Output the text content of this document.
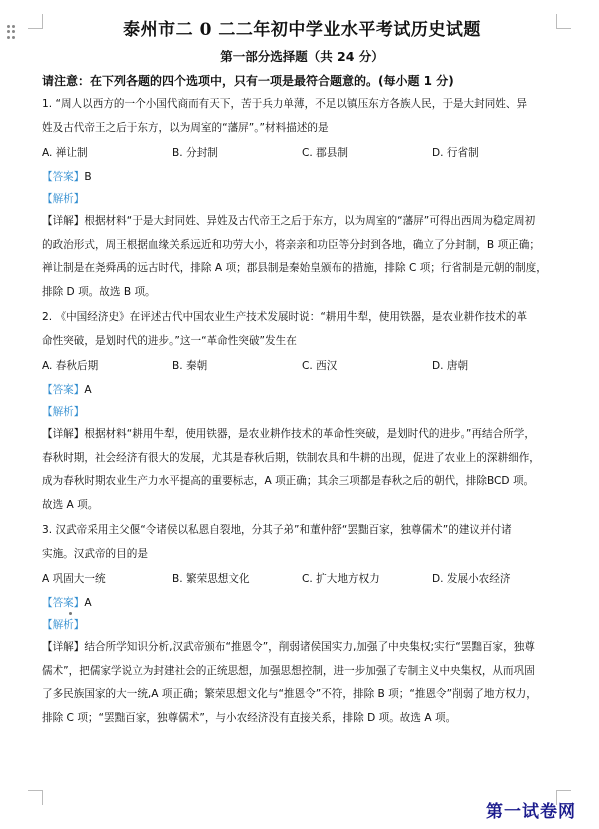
泰州市二 0 二二年初中学业水平考试历史试题
第一部分选择题（共 24 分）
请注意：在下列各题的四个选项中，只有一项是最符合题意的。(每小题 1 分)
1. “周人以西方的一个小国代商而有天下，苦于兵力单薄，不足以镇压东方各族人民，于是大封同姓、异
姓及古代帝王之后于东方，以为周室的“藩屏”。”材料描述的是
A. 禅让制	B. 分封制	C. 郡县制	D. 行省制
【答案】B
【解析】
【详解】根据材料“于是大封同姓、异姓及古代帝王之后于东方，以为周室的“藩屏”可得出西周为稳定周初
的政治形式，周王根据血缘关系远近和功劳大小，将亲亲和功臣等分封到各地，确立了分封制，B 项正确；
禅让制是在尧舜禹的远古时代，排除 A 项；郡县制是秦始皇颁布的措施，排除 C 项；行省制是元朝的制度，
排除 D 项。故选 B 项。
2. 《中国经济史》在评述古代中国农业生产技术发展时说：“耕用牛犁，使用铁器，是农业耕作技术的革
命性突破，是划时代的进步。”这一“革命性突破”发生在
A. 春秋后期	B. 秦朝	C. 西汉	D. 唐朝
【答案】A
【解析】
【详解】根据材料“耕用牛犁，使用铁器，是农业耕作技术的革命性突破，是划时代的进步。”再结合所学，
春秋时期，社会经济有很大的发展，尤其是春秋后期，铁制农具和牛耕的出现，促进了农业上的深耕细作，
成为春秋时期农业生产力水平提高的重要标志，A 项正确；其余三项都是春秋之后的朝代，排除BCD 项。
故选 A 项。
3. 汉武帝采用主父偃“令诸侯以私恩自裂地，分其子弟”和董仲舒“罢黜百家，独尊儒术”的建议并付诸
实施。汉武帝的目的是
A 巩固大一统	B. 繁荣思想文化	C. 扩大地方权力	D. 发展小农经济
【答案】A
【解析】
【详解】结合所学知识分析,汉武帝颁布“推恩令”，削弱诸侯国实力,加强了中央集权;实行“罢黜百家，独尊
儒术”，把儒家学说立为封建社会的正统思想，加强思想控制，进一步加强了专制主义中央集权，从而巩固
了多民族国家的大一统,A 项正确；繁荣思想文化与“推恩令”不符，排除 B 项；“推恩令”削弱了地方权力，
排除 C 项；“罢黜百家，独尊儒术”，与小农经济没有直接关系，排除 D 项。故选 A 项。
第一试卷网
